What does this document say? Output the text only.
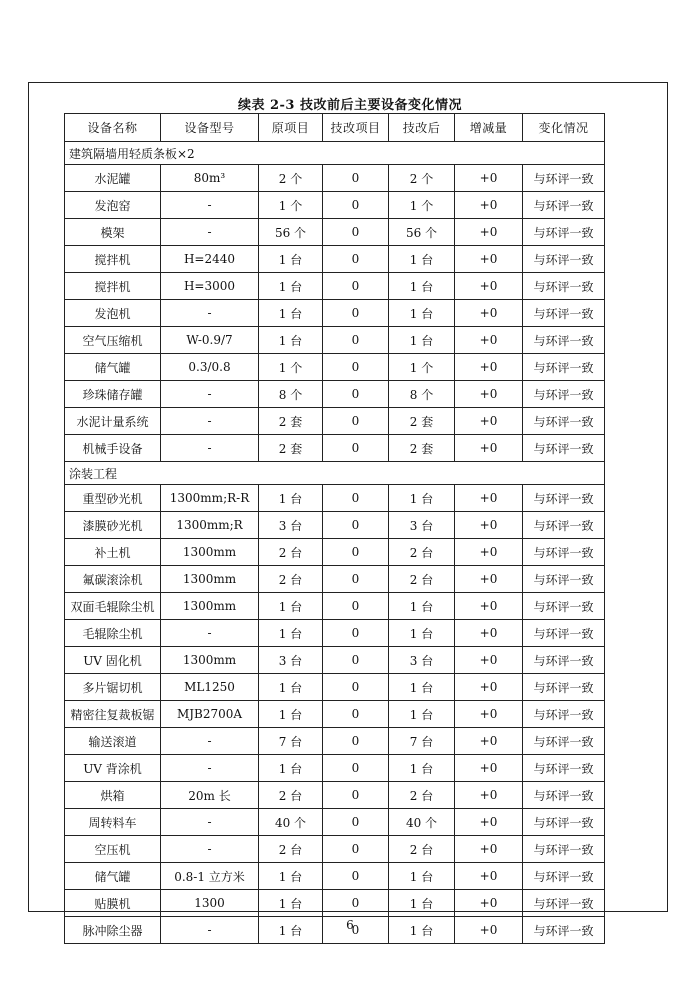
续表 2-3 技改前后主要设备变化情况
设备名称	设备型号	原项目	技改项目	技改后	增减量	变化情况
建筑隔墙用轻质条板×2						
水泥罐	80m³	2 个	0	2 个	+0	与环评一致
发泡窑	-	1 个	0	1 个	+0	与环评一致
模架	-	56 个	0	56 个	+0	与环评一致
搅拌机	H=2440	1 台	0	1 台	+0	与环评一致
搅拌机	H=3000	1 台	0	1 台	+0	与环评一致
发泡机	-	1 台	0	1 台	+0	与环评一致
空气压缩机	W-0.9/7	1 台	0	1 台	+0	与环评一致
储气罐	0.3/0.8	1 个	0	1 个	+0	与环评一致
珍珠储存罐	-	8 个	0	8 个	+0	与环评一致
水泥计量系统	-	2 套	0	2 套	+0	与环评一致
机械手设备	-	2 套	0	2 套	+0	与环评一致
涂装工程						
重型砂光机	1300mm;R-R	1 台	0	1 台	+0	与环评一致
漆膜砂光机	1300mm;R	3 台	0	3 台	+0	与环评一致
补土机	1300mm	2 台	0	2 台	+0	与环评一致
氟碳滚涂机	1300mm	2 台	0	2 台	+0	与环评一致
双面毛辊除尘机	1300mm	1 台	0	1 台	+0	与环评一致
毛辊除尘机	-	1 台	0	1 台	+0	与环评一致
UV 固化机	1300mm	3 台	0	3 台	+0	与环评一致
多片锯切机	ML1250	1 台	0	1 台	+0	与环评一致
精密往复裁板锯	MJB2700A	1 台	0	1 台	+0	与环评一致
输送滚道	-	7 台	0	7 台	+0	与环评一致
UV 背涂机	-	1 台	0	1 台	+0	与环评一致
烘箱	20m 长	2 台	0	2 台	+0	与环评一致
周转料车	-	40 个	0	40 个	+0	与环评一致
空压机	-	2 台	0	2 台	+0	与环评一致
储气罐	0.8-1 立方米	1 台	0	1 台	+0	与环评一致
贴膜机	1300	1 台	0	1 台	+0	与环评一致
脉冲除尘器	-	1 台	0	1 台	+0	与环评一致
6
